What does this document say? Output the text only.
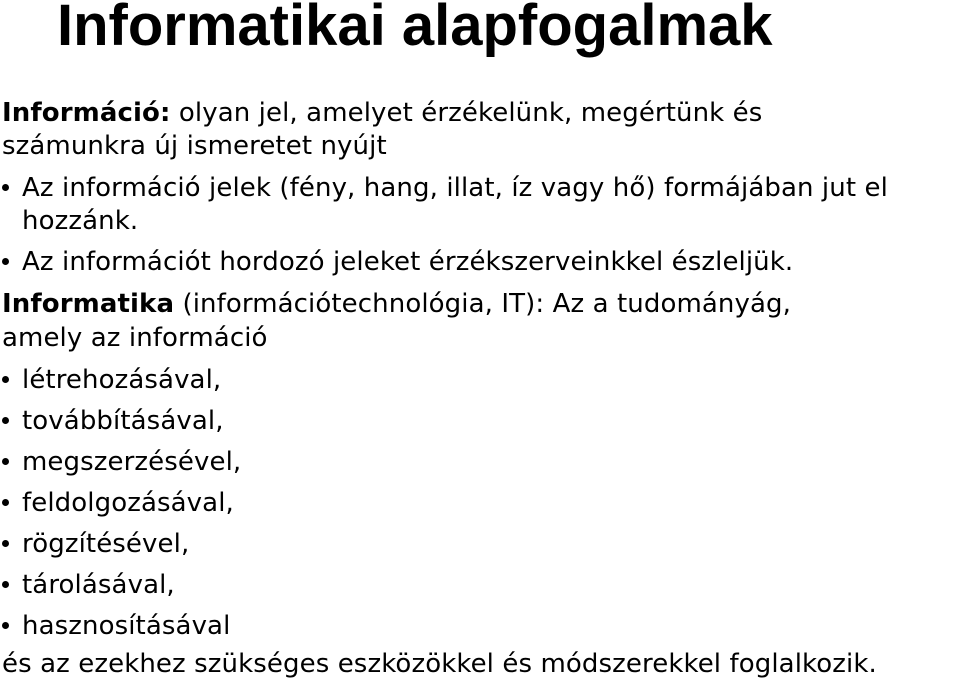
Informatikai alapfogalmak

Információ: olyan jel, amelyet érzékelünk, megértünk és

számunkra új ismeretet nyújt

Az információ jelek (fény, hang, illat, íz vagy hő) formájában jut el

hozzánk.

Az információt hordozó jeleket érzékszerveinkkel észleljük.

Informatika (információtechnológia, IT): Az a tudományág,

amely az információ

létrehozásával,

továbbításával,

megszerzésével,

feldolgozásával,

rögzítésével,

tárolásával,

hasznosításával

és az ezekhez szükséges eszközökkel és módszerekkel foglalkozik.
